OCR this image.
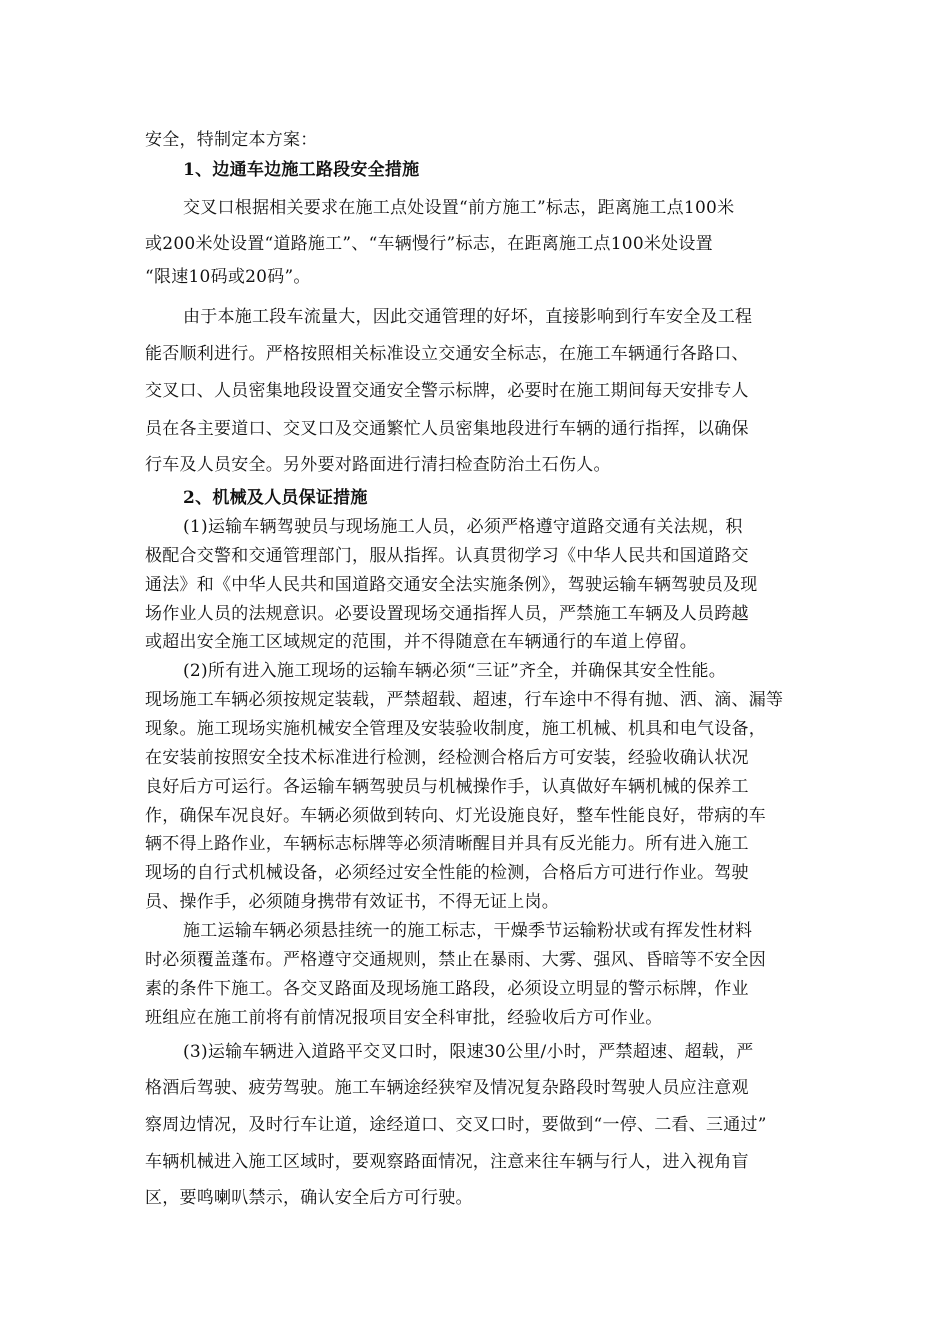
安全，特制定本方案：
1、边通车边施工路段安全措施
交叉口根据相关要求在施工点处设置“前方施工”标志，距离施工点100米
或200米处设置“道路施工”、“车辆慢行”标志，在距离施工点100米处设置
“限速10码或20码”。
由于本施工段车流量大，因此交通管理的好坏，直接影响到行车安全及工程
能否顺利进行。严格按照相关标准设立交通安全标志，在施工车辆通行各路口、
交叉口、人员密集地段设置交通安全警示标牌，必要时在施工期间每天安排专人
员在各主要道口、交叉口及交通繁忙人员密集地段进行车辆的通行指挥，以确保
行车及人员安全。另外要对路面进行清扫检查防治土石伤人。
2、机械及人员保证措施
(1)运输车辆驾驶员与现场施工人员，必须严格遵守道路交通有关法规，积
极配合交警和交通管理部门，服从指挥。认真贯彻学习《中华人民共和国道路交
通法》和《中华人民共和国道路交通安全法实施条例》，驾驶运输车辆驾驶员及现
场作业人员的法规意识。必要设置现场交通指挥人员，严禁施工车辆及人员跨越
或超出安全施工区域规定的范围，并不得随意在车辆通行的车道上停留。
(2)所有进入施工现场的运输车辆必须“三证”齐全，并确保其安全性能。
现场施工车辆必须按规定装载，严禁超载、超速，行车途中不得有抛、洒、滴、漏等
现象。施工现场实施机械安全管理及安装验收制度，施工机械、机具和电气设备，
在安装前按照安全技术标准进行检测，经检测合格后方可安装，经验收确认状况
良好后方可运行。各运输车辆驾驶员与机械操作手，认真做好车辆机械的保养工
作，确保车况良好。车辆必须做到转向、灯光设施良好，整车性能良好，带病的车
辆不得上路作业，车辆标志标牌等必须清晰醒目并具有反光能力。所有进入施工
现场的自行式机械设备，必须经过安全性能的检测，合格后方可进行作业。驾驶
员、操作手，必须随身携带有效证书，不得无证上岗。
施工运输车辆必须悬挂统一的施工标志，干燥季节运输粉状或有挥发性材料
时必须覆盖蓬布。严格遵守交通规则，禁止在暴雨、大雾、强风、昏暗等不安全因
素的条件下施工。各交叉路面及现场施工路段，必须设立明显的警示标牌，作业
班组应在施工前将有前情况报项目安全科审批，经验收后方可作业。
(3)运输车辆进入道路平交叉口时，限速30公里/小时，严禁超速、超载，严
格酒后驾驶、疲劳驾驶。施工车辆途经狭窄及情况复杂路段时驾驶人员应注意观
察周边情况，及时行车让道，途经道口、交叉口时，要做到“一停、二看、三通过”
车辆机械进入施工区域时，要观察路面情况，注意来往车辆与行人，进入视角盲
区，要鸣喇叭禁示，确认安全后方可行驶。
